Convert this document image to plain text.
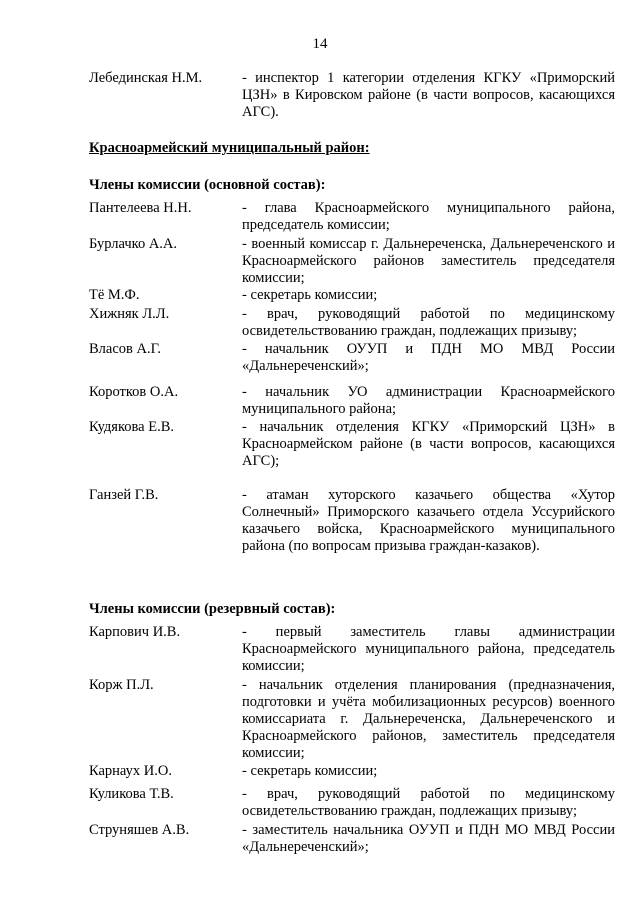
14
Лебединская Н.М.	- инспектор 1 категории отделения КГКУ «Приморский ЦЗН» в Кировском районе (в части вопросов, касающихся АГС).
Красноармейский муниципальный район:
Члены комиссии (основной состав):
Пантелеева Н.Н.	- глава Красноармейского муниципального района, председатель комиссии;
Бурлачко А.А.	- военный комиссар г. Дальнереченска, Дальнереченского и Красноармейского районов заместитель председателя комиссии;
Тё М.Ф.	- секретарь комиссии;
Хижняк Л.Л.	- врач, руководящий работой по медицинскому освидетельствованию граждан, подлежащих призыву;
Власов А.Г.	- начальник ОУУП и ПДН МО МВД России «Дальнереченский»;
Коротков О.А.	- начальник УО администрации Красноармейского муниципального района;
Кудякова Е.В.	- начальник отделения КГКУ «Приморский ЦЗН» в Красноармейском районе (в части вопросов, касающихся АГС);
Ганзей Г.В.	- атаман хуторского казачьего общества «Хутор Солнечный» Приморского казачьего отдела Уссурийского казачьего войска, Красноармейского муниципального района (по вопросам призыва граждан-казаков).
Члены комиссии (резервный состав):
Карпович И.В.	- первый заместитель главы администрации Красноармейского муниципального района, председатель комиссии;
Корж П.Л.	- начальник отделения планирования (предназначения, подготовки и учёта мобилизационных ресурсов) военного комиссариата г. Дальнереченска, Дальнереченского и Красноармейского районов, заместитель председателя комиссии;
Карнаух И.О.	- секретарь комиссии;
Куликова Т.В.	- врач, руководящий работой по медицинскому освидетельствованию граждан, подлежащих призыву;
Струняшев А.В.	- заместитель начальника ОУУП и ПДН МО МВД России «Дальнереченский»;
